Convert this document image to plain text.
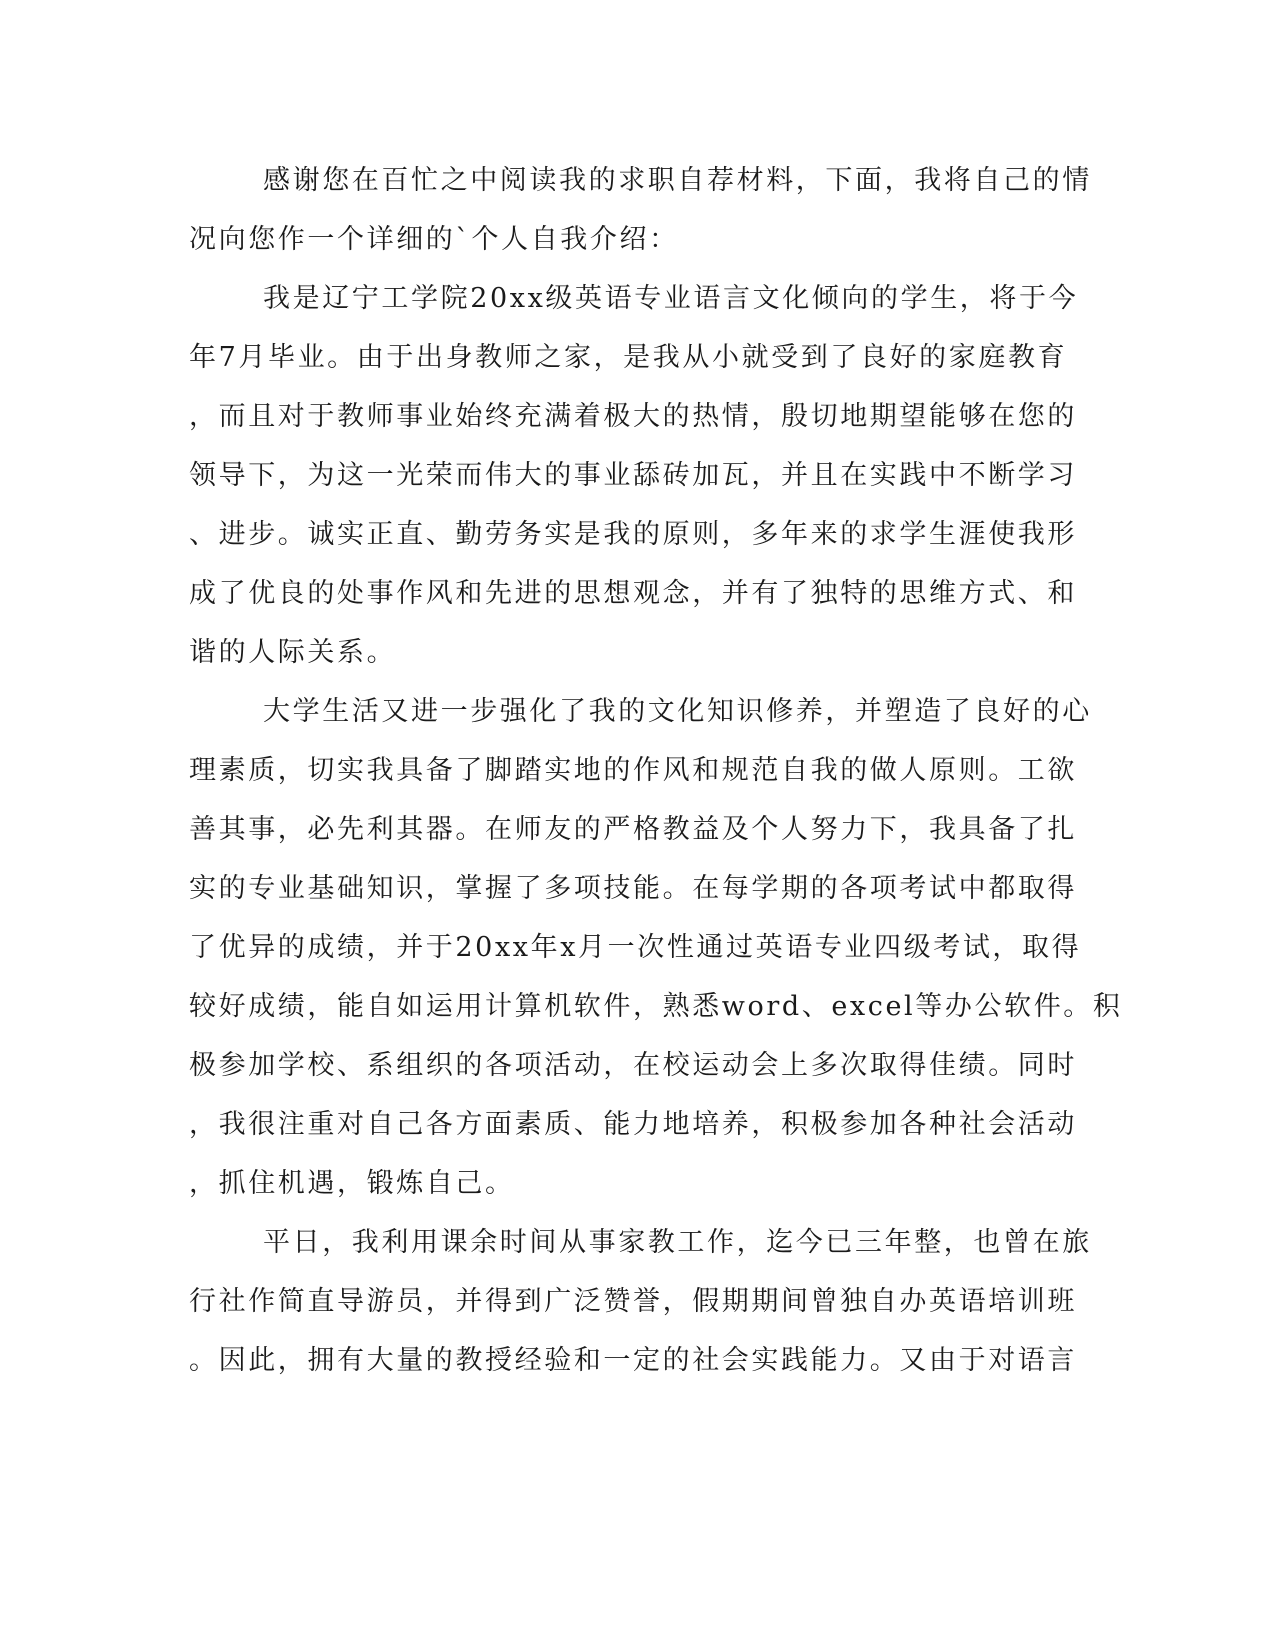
感谢您在百忙之中阅读我的求职自荐材料，下面，我将自己的情
况向您作一个详细的`个人自我介绍：
我是辽宁工学院20xx级英语专业语言文化倾向的学生，将于今
年7月毕业。由于出身教师之家，是我从小就受到了良好的家庭教育
，而且对于教师事业始终充满着极大的热情，殷切地期望能够在您的
领导下，为这一光荣而伟大的事业舔砖加瓦，并且在实践中不断学习
、进步。诚实正直、勤劳务实是我的原则，多年来的求学生涯使我形
成了优良的处事作风和先进的思想观念，并有了独特的思维方式、和
谐的人际关系。
大学生活又进一步强化了我的文化知识修养，并塑造了良好的心
理素质，切实我具备了脚踏实地的作风和规范自我的做人原则。工欲
善其事，必先利其器。在师友的严格教益及个人努力下，我具备了扎
实的专业基础知识，掌握了多项技能。在每学期的各项考试中都取得
了优异的成绩，并于20xx年x月一次性通过英语专业四级考试，取得
较好成绩，能自如运用计算机软件，熟悉word、excel等办公软件。积
极参加学校、系组织的各项活动，在校运动会上多次取得佳绩。同时
，我很注重对自己各方面素质、能力地培养，积极参加各种社会活动
，抓住机遇，锻炼自己。
平日，我利用课余时间从事家教工作，迄今已三年整，也曾在旅
行社作简直导游员，并得到广泛赞誉，假期期间曾独自办英语培训班
。因此，拥有大量的教授经验和一定的社会实践能力。又由于对语言
